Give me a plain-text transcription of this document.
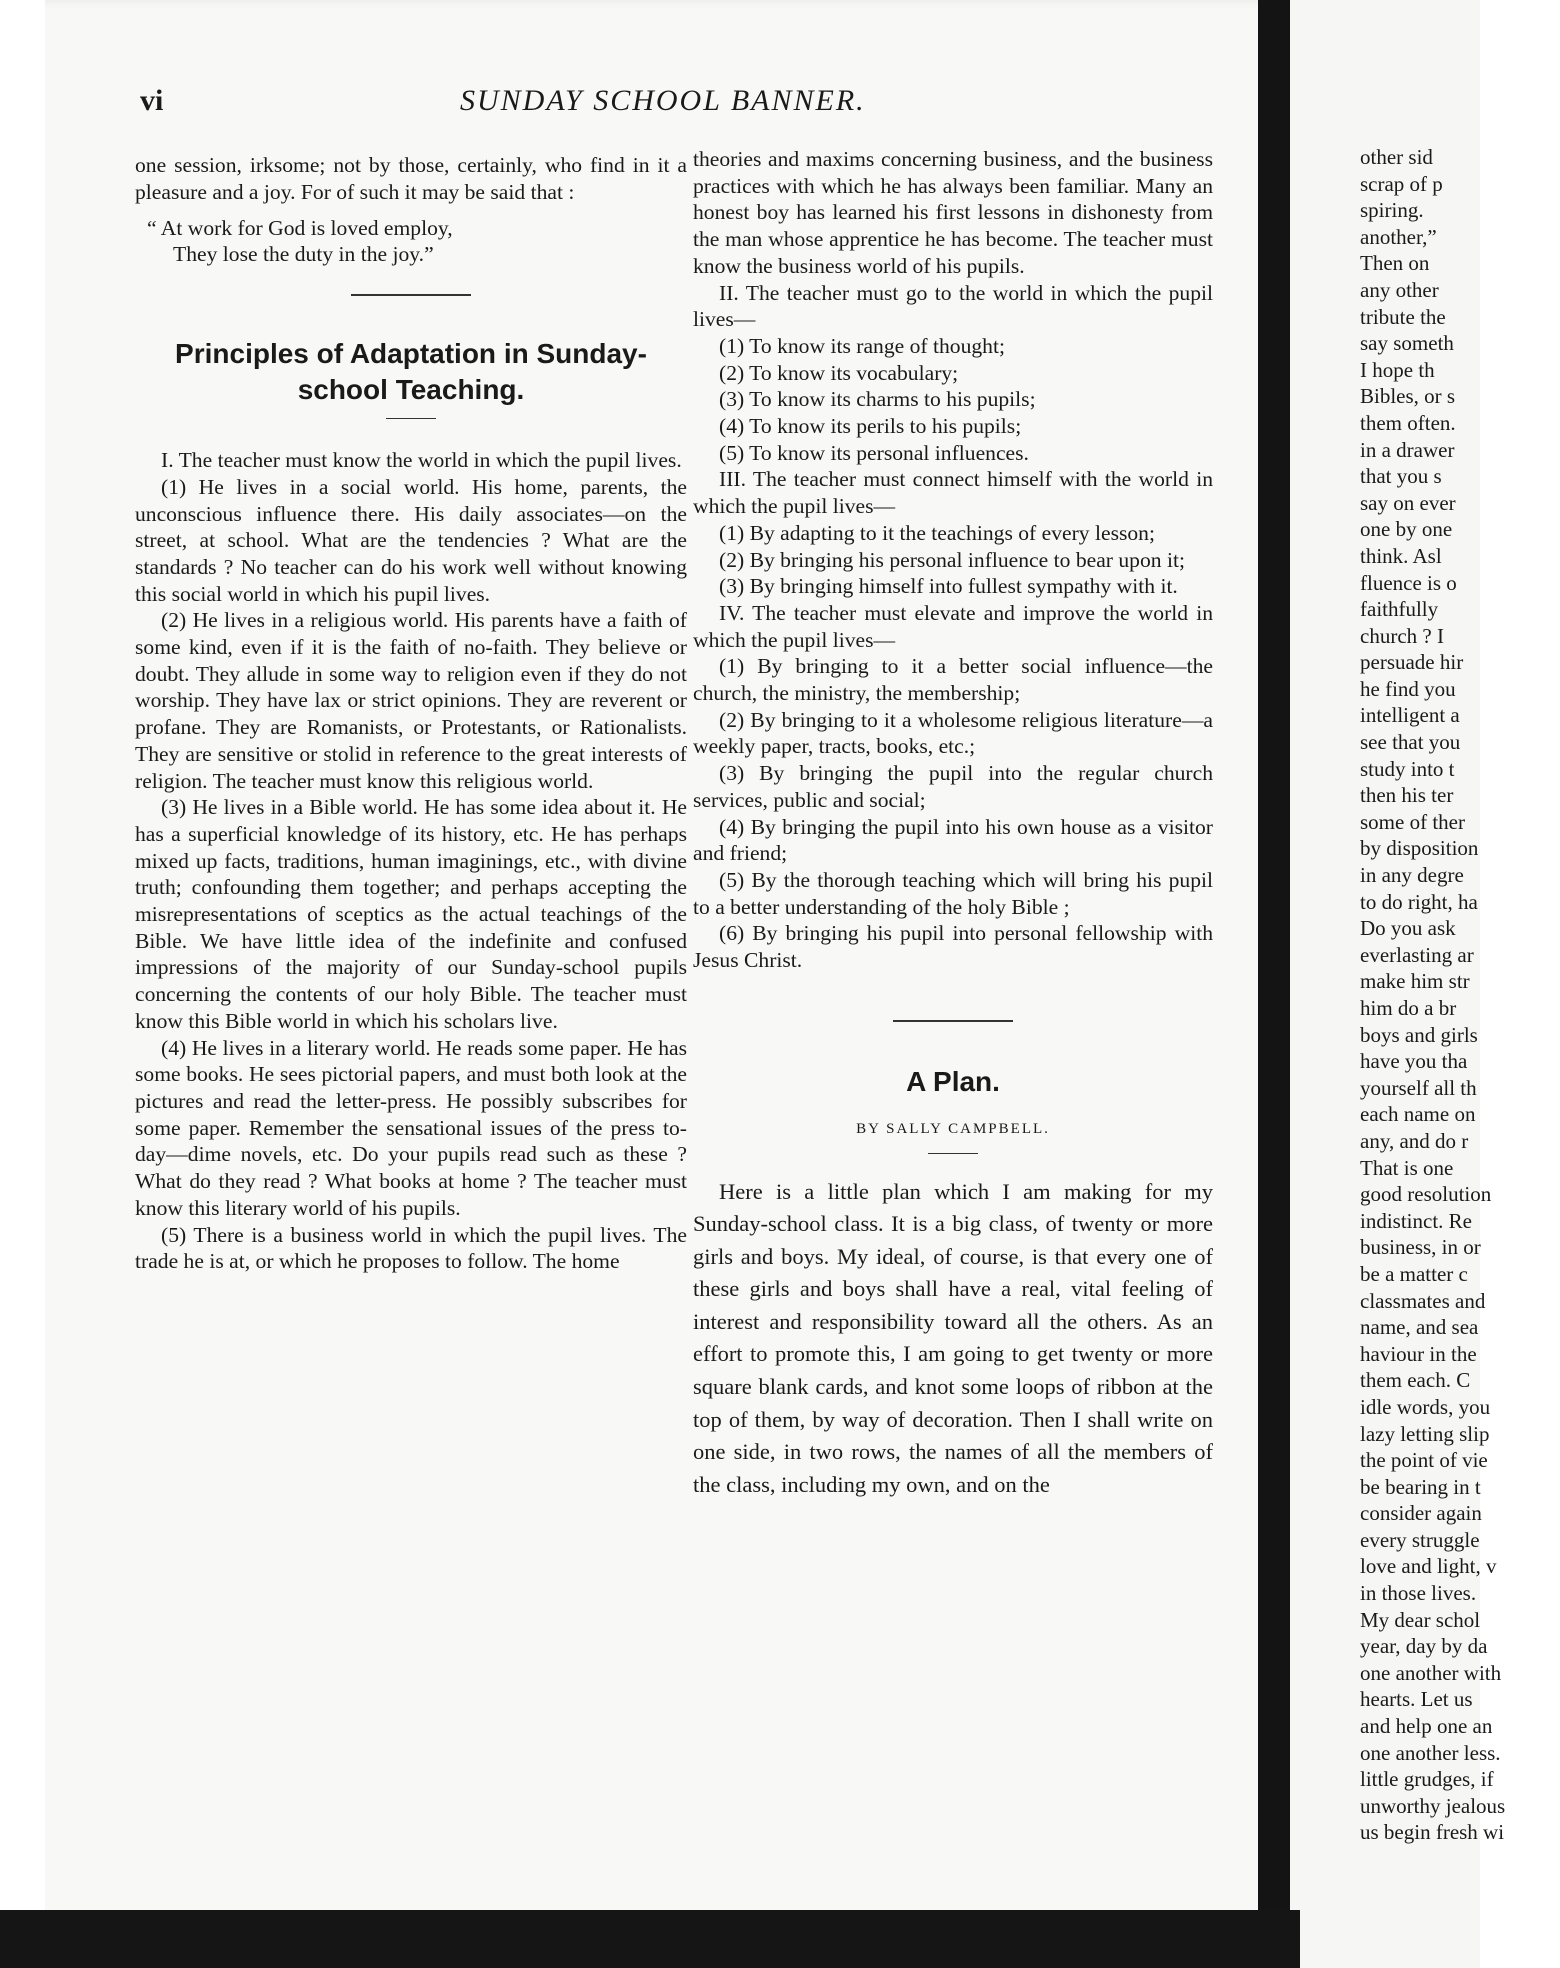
vi	SUNDAY SCHOOL BANNER.

one session, irksome; not by those, certainly, who find in it a pleasure and a joy. For of such it may be said that :

“ At work for God is loved employ,

They lose the duty in the joy.”

Principles of Adaptation in Sunday-school Teaching.

I. The teacher must know the world in which the pupil lives.

(1) He lives in a social world. His home, parents, the unconscious influence there. His daily associates—on the street, at school. What are the tendencies ? What are the standards ? No teacher can do his work well without knowing this social world in which his pupil lives.

(2) He lives in a religious world. His parents have a faith of some kind, even if it is the faith of no-faith. They believe or doubt. They allude in some way to religion even if they do not worship. They have lax or strict opinions. They are reverent or profane. They are Romanists, or Protestants, or Rationalists. They are sensitive or stolid in reference to the great interests of religion. The teacher must know this religious world.

(3) He lives in a Bible world. He has some idea about it. He has a superficial knowledge of its history, etc. He has perhaps mixed up facts, traditions, human imaginings, etc., with divine truth; confounding them together; and perhaps accepting the misrepresentations of sceptics as the actual teachings of the Bible. We have little idea of the indefinite and confused impressions of the majority of our Sunday-school pupils concerning the contents of our holy Bible. The teacher must know this Bible world in which his scholars live.

(4) He lives in a literary world. He reads some paper. He has some books. He sees pictorial papers, and must both look at the pictures and read the letter-press. He possibly subscribes for some paper. Remember the sensational issues of the press to-day—dime novels, etc. Do your pupils read such as these ? What do they read ? What books at home ? The teacher must know this literary world of his pupils.

(5) There is a business world in which the pupil lives. The trade he is at, or which he proposes to follow. The home

theories and maxims concerning business, and the business practices with which he has always been familiar. Many an honest boy has learned his first lessons in dishonesty from the man whose apprentice he has become. The teacher must know the business world of his pupils.

II. The teacher must go to the world in which the pupil lives—

(1) To know its range of thought;

(2) To know its vocabulary;

(3) To know its charms to his pupils;

(4) To know its perils to his pupils;

(5) To know its personal influences.

III. The teacher must connect himself with the world in which the pupil lives—

(1) By adapting to it the teachings of every lesson;

(2) By bringing his personal influence to bear upon it;

(3) By bringing himself into fullest sympathy with it.

IV. The teacher must elevate and improve the world in which the pupil lives—

(1) By bringing to it a better social influence—the church, the ministry, the membership;

(2) By bringing to it a wholesome religious literature—a weekly paper, tracts, books, etc.;

(3) By bringing the pupil into the regular church services, public and social;

(4) By bringing the pupil into his own house as a visitor and friend;

(5) By the thorough teaching which will bring his pupil to a better understanding of the holy Bible ;

(6) By bringing his pupil into personal fellowship with Jesus Christ.

A Plan.
BY SALLY CAMPBELL.

Here is a little plan which I am making for my Sunday-school class. It is a big class, of twenty or more girls and boys. My ideal, of course, is that every one of these girls and boys shall have a real, vital feeling of interest and responsibility toward all the others. As an effort to promote this, I am going to get twenty or more square blank cards, and knot some loops of ribbon at the top of them, by way of decoration. Then I shall write on one side, in two rows, the names of all the members of the class, including my own, and on the

other sid
scrap of p
spiring.
another,”
Then on
any other
tribute the
say someth
I hope th
Bibles, or s
them often.
in a drawer
that you s
say on ever
one by one
think. Asl
fluence is o
faithfully
church ? I
persuade hir
he find you
intelligent a
see that you
study into t
then his ter
some of ther
by disposition
in any degre
to do right, ha
Do you ask
everlasting ar
make him str
him do a br
boys and girls
have you tha
yourself all th
each name on
any, and do r
That is one
good resolution
indistinct. Re
business, in or
be a matter c
classmates and
name, and sea
haviour in the
them each. C
idle words, you
lazy letting slip
the point of vie
be bearing in t
consider again
every struggle
love and light, v
in those lives.
My dear schol
year, day by da
one another with
hearts. Let us
and help one an
one another less.
little grudges, if
unworthy jealous
us begin fresh wi
